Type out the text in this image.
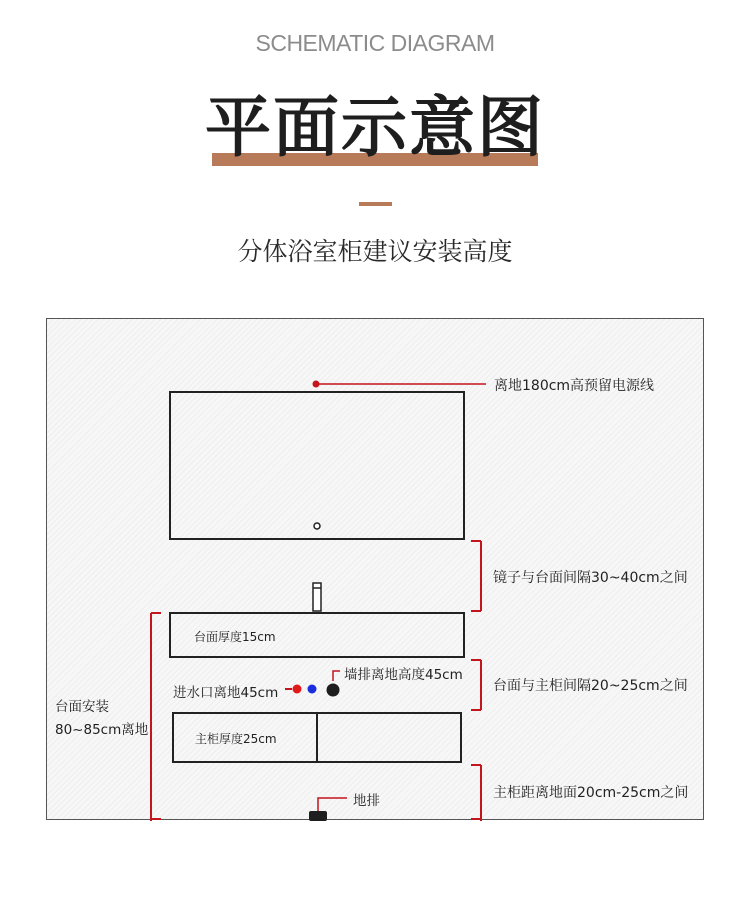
SCHEMATIC DIAGRAM
平面示意图
分体浴室柜建议安装高度
离地180cm高预留电源线
镜子与台面间隔30~40cm之间
台面厚度15cm
墙排离地高度45cm
进水口离地45cm	台面与主柜间隔20~25cm之间
台面安装
80~85cm离地
主柜厚度25cm
地排	主柜距离地面20cm-25cm之间
